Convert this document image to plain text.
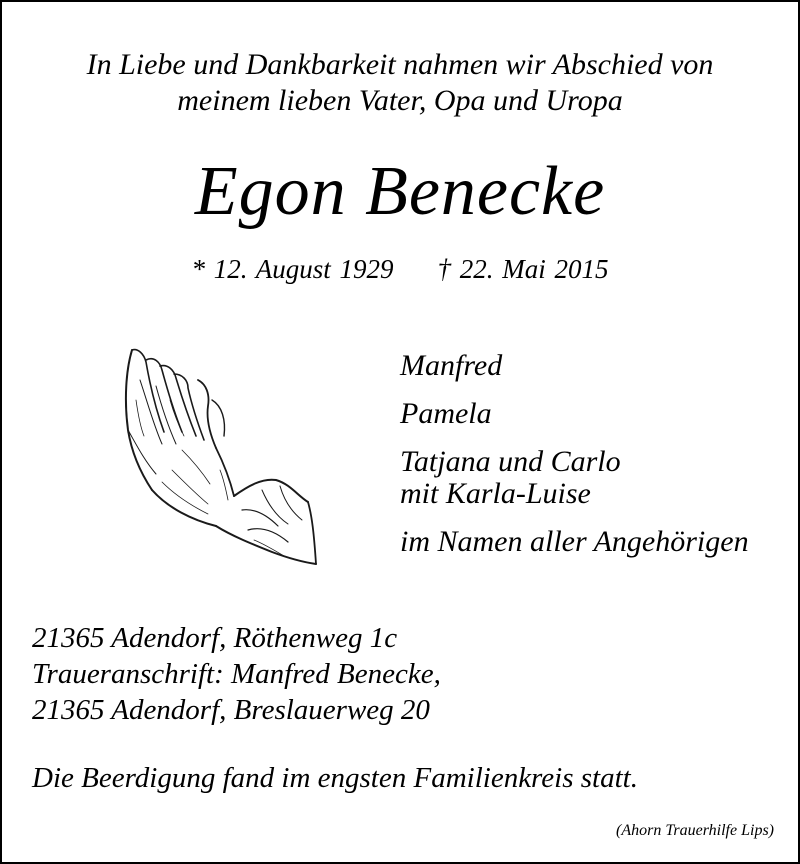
In Liebe und Dankbarkeit nahmen wir Abschied von
meinem lieben Vater, Opa und Uropa
Egon Benecke
* 12. August 1929 † 22. Mai 2015
Manfred
Pamela
Tatjana und Carlo
mit Karla-Luise
im Namen aller Angehörigen
21365 Adendorf, Röthenweg 1c
Traueranschrift: Manfred Benecke,
21365 Adendorf, Breslauerweg 20
Die Beerdigung fand im engsten Familienkreis statt.
(Ahorn Trauerhilfe Lips)
